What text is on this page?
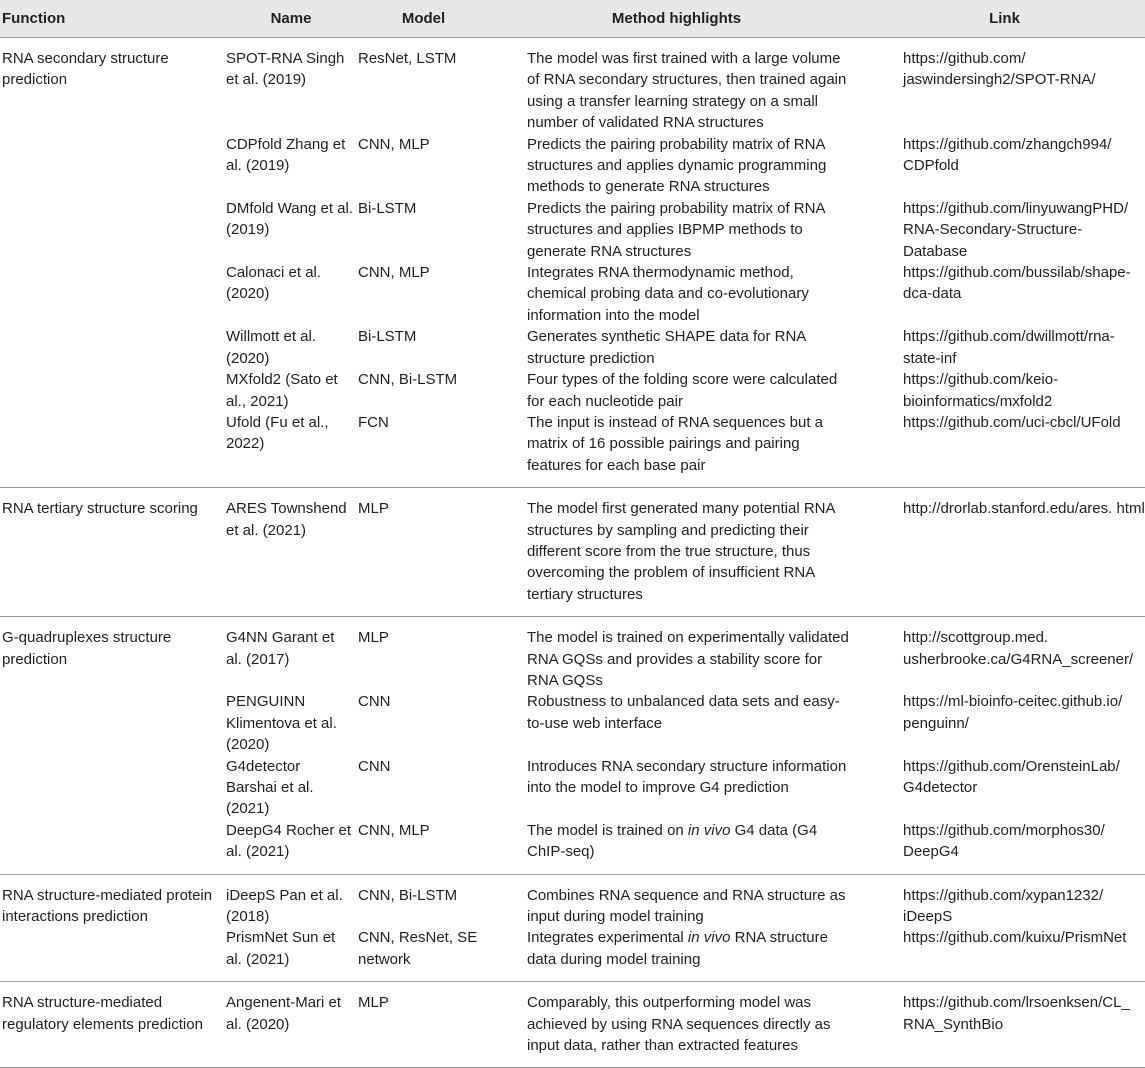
Function	Name	Model	Method highlights	Link
RNA secondary structure prediction	SPOT-RNA Singh et al. (2019)	ResNet, LSTM	The model was first trained with a large volume of RNA secondary structures, then trained again using a transfer learning strategy on a small number of validated RNA structures	https://github.com/ jaswindersingh2/SPOT-RNA/
	CDPfold Zhang et al. (2019)	CNN, MLP	Predicts the pairing probability matrix of RNA structures and applies dynamic programming methods to generate RNA structures	https://github.com/zhangch994/ CDPfold
	DMfold Wang et al. (2019)	Bi-LSTM	Predicts the pairing probability matrix of RNA structures and applies IBPMP methods to generate RNA structures	https://github.com/linyuwangPHD/ RNA-Secondary-Structure- Database
	Calonaci et al. (2020)	CNN, MLP	Integrates RNA thermodynamic method, chemical probing data and co-evolutionary information into the model	https://github.com/bussilab/shape- dca-data
	Willmott et al. (2020)	Bi-LSTM	Generates synthetic SHAPE data for RNA structure prediction	https://github.com/dwillmott/rna- state-inf
	MXfold2 (Sato et al., 2021)	CNN, Bi-LSTM	Four types of the folding score were calculated for each nucleotide pair	https://github.com/keio- bioinformatics/mxfold2
	Ufold (Fu et al., 2022)	FCN	The input is instead of RNA sequences but a matrix of 16 possible pairings and pairing features for each base pair	https://github.com/uci-cbcl/UFold
RNA tertiary structure scoring	ARES Townshend et al. (2021)	MLP	The model first generated many potential RNA structures by sampling and predicting their different score from the true structure, thus overcoming the problem of insufficient RNA tertiary structures	http://drorlab.stanford.edu/ares. html
G-quadruplexes structure prediction	G4NN Garant et al. (2017)	MLP	The model is trained on experimentally validated RNA GQSs and provides a stability score for RNA GQSs	http://scottgroup.med. usherbrooke.ca/G4RNA_screener/
	PENGUINN Klimentova et al. (2020)	CNN	Robustness to unbalanced data sets and easy-to-use web interface	https://ml-bioinfo-ceitec.github.io/ penguinn/
	G4detector Barshai et al. (2021)	CNN	Introduces RNA secondary structure information into the model to improve G4 prediction	https://github.com/OrensteinLab/ G4detector
	DeepG4 Rocher et al. (2021)	CNN, MLP	The model is trained on in vivo G4 data (G4 ChIP-seq)	https://github.com/morphos30/ DeepG4
RNA structure-mediated protein interactions prediction	iDeepS Pan et al. (2018)	CNN, Bi-LSTM	Combines RNA sequence and RNA structure as input during model training	https://github.com/xypan1232/ iDeepS
	PrismNet Sun et al. (2021)	CNN, ResNet, SE network	Integrates experimental in vivo RNA structure data during model training	https://github.com/kuixu/PrismNet
RNA structure-mediated regulatory elements prediction	Angenent-Mari et al. (2020)	MLP	Comparably, this outperforming model was achieved by using RNA sequences directly as input data, rather than extracted features	https://github.com/lrsoenksen/CL_ RNA_SynthBio
